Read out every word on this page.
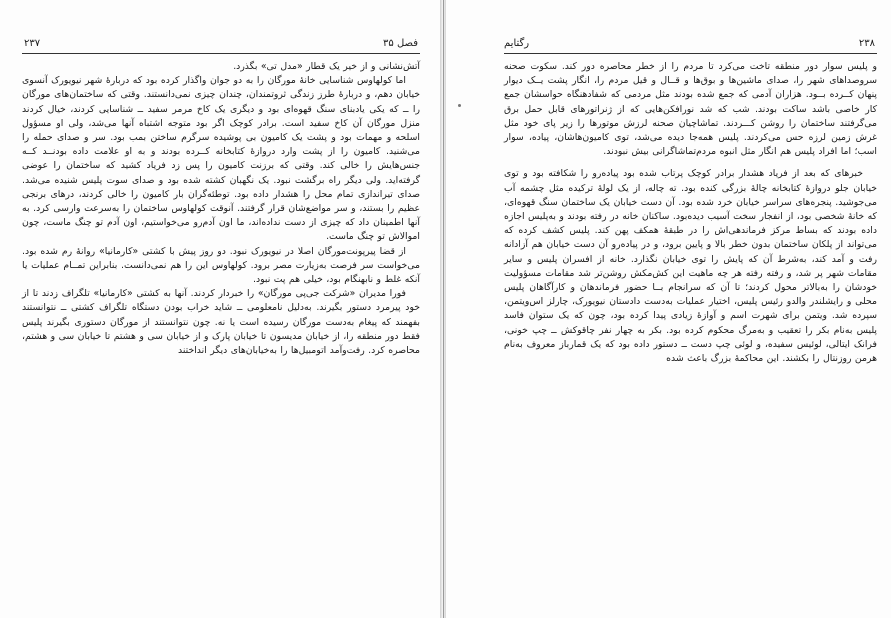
۲۳۷	فصل ۳۵

آتش‌نشانی و از خیر یک قطار «مدل تی» بگذرد.

اما کولهاوس شناسایی خانهٔ مورگان را به دو جوان واگذار کرده بود که دربارهٔ شهر نیویورک آنسوی خیابان دهم، و دربارهٔ طرز زندگی ثروتمندان، چندان چیزی نمی‌دانستند. وقتی که ساختمان‌های مورگان را ــ که یکی یادبنای سنگ قهوه‌ای بود و دیگری یک کاخ مرمر سفید ــ شناسایی کردند، خیال کردند منزل مورگان آن کاخ سفید است. برادر کوچک اگر بود متوجه اشتباه آنها می‌شد، ولی او مسؤول اسلحه و مهمات بود و پشت یک کامیون بی پوشیده سرگرم ساختن بمب بود. سر و صدای حمله را می‌شنید. کامیون را از پشت وارد دروازهٔ کتابخانه کــرده بودند و به او علامت داده بودنــد کــه جنس‌هایش را خالی کند. وقتی که برزنت کامیون را پس زد فریاد کشید که ساختمان را عوضی گرفته‌اید. ولی دیگر راه برگشت نبود. یک نگهبان کشته شده بود و صدای سوت پلیس شنیده می‌شد. صدای تیراندازی تمام محل را هشدار داده بود. توطئه‌گران بار کامیون را خالی کردند، درهای برنجی عظیم را بستند، و سر مواضع‌شان قرار گرفتند. آنوقت کولهاوس ساختمان را به‌سرعت وارسی کرد. به آنها اطمینان داد که چیزی از دست نداده‌اند، ما اون آدم‌رو می‌خواستیم، اون آدم تو چنگ ماست، چون اموالاش تو چنگ ماست.

از قضا پیرپونت‌مورگان اصلا در نیویورک نبود. دو روز پیش با کشتی «کارمانیا» روانهٔ رم شده بود. می‌خواست سر فرصت به‌زیارت مصر برود. کولهاوس این را هم نمی‌دانست. بنابراین تمــام عملیات یا آنکه غلط و نابهنگام بود، خیلی هم پت نبود.

فورا مدیران «شرکت جی‌پی مورگان» را خبردار کردند. آنها به کشتی «کارمانیا» تلگراف زدند تا از خود پیرمرد دستور بگیرند. به‌دلیل نامعلومی ــ شاید خراب بودن دستگاه تلگراف کشتی ــ نتوانستند بفهمند که پیغام به‌دست مورگان رسیده است یا نه. چون نتوانستند از مورگان دستوری بگیرند پلیس فقط دور منطقه را، از خیابان مدیسون تا خیابان پارک و از خیابان سی و هشتم تا خیابان سی و هشتم، محاصره کرد. رفت‌وآمد اتومبیل‌ها را به‌خیابان‌های دیگر انداختند

رگتایم	۲۳۸

و پلیس سوار دور منطقه تاخت می‌کرد تا مردم را از خطر محاصره دور کند. سکوت صحنه سروصداهای شهر را، صدای ماشین‌ها و بوق‌ها و قــال و قیل مردم را، انگار پشت یــک دیوار پنهان کــرده بــود. هزاران آدمی که جمع شده بودند مثل مردمی که شفادهنگاه حواسشان جمع کار خاصی باشد ساکت بودند. شب که شد نورافکن‌هایی که از ژنراتورهای قابل حمل برق می‌گرفتند ساختمان را روشن کـــردند. تماشاچیان صحنه لرزش موتورها را زیر پای خود مثل غرش زمین لرزه حس می‌کردند. پلیس همه‌جا دیده می‌شد، توی کامیون‌هاشان، پیاده، سوار اسب؛ اما افراد پلیس هم انگار مثل انبوه مردم‌تماشاگرانی بیش نبودند.

خبرهای که بعد از فریاد هشدار برادر کوچک پرتاب شده بود پیاده‌رو را شکافته بود و توی خیابان جلو دروازهٔ کتابخانه چالهٔ بزرگی کنده بود. ته چاله، از یک لولهٔ ترکیده مثل چشمه آب می‌جوشید. پنجره‌های سراسر خیابان خرد شده بود. آن دست خیابان یک ساختمان سنگ قهوه‌ای، که خانهٔ شخصی بود، از انفجار سخت آسیب دیده‌بود. ساکنان خانه در رفته بودند و به‌پلیس اجازه داده بودند که بساط مرکز فرماندهی‌اش را در طبقهٔ همکف پهن کند. پلیس کشف کرده که می‌تواند از پلکان ساختمان بدون خطر بالا و پایین برود، و در پیاده‌رو آن دست خیابان هم آزادانه رفت و آمد کند، به‌شرط آن که پایش را توی خیابان نگذارد. خانه از افسران پلیس و سایر مقامات شهر پر شد، و رفته رفته هر چه ماهیت این کش‌مکش روشن‌تر شد مقامات مسؤولیت خودشان را به‌بالاتر محول کردند؛ تا آن که سرانجام بــا حضور فرماندهان و کارآگاهان پلیس محلی و رایشلندر والدو رئیس پلیس، اختیار عملیات به‌دست دادستان نیویورک، چارلز اس‌ویتمن، سپرده شد. ویتمن برای شهرت اسم و آوازهٔ زیادی پیدا کرده بود، چون که یک ستوان فاسد پلیس به‌نام بکر را تعقیب و به‌مرگ محکوم کرده بود. بکر به چهار نفر چاقوکش ــ چپ خونی، فرانک ایتالی، لوئیس سفیده، و لوئی چپ دست ــ دستور داده بود که یک قمارباز معروف به‌نام هرمن روزنتال را بکشند. این محاکمهٔ بزرگ باعث شده
